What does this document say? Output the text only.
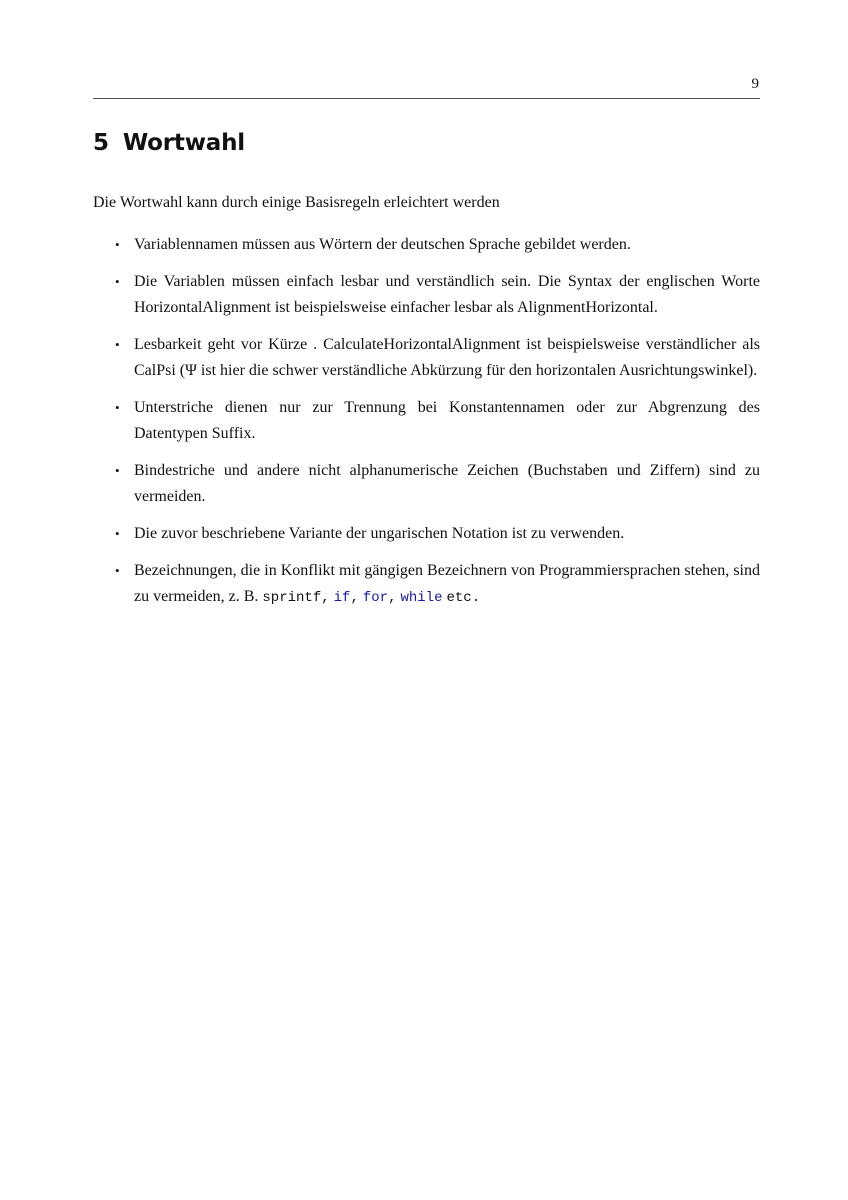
9
5 Wortwahl

Die Wortwahl kann durch einige Basisregeln erleichtert werden

• Variablennamen müssen aus Wörtern der deutschen Sprache gebildet werden.
• Die Variablen müssen einfach lesbar und verständlich sein. Die Syntax der englischen Worte HorizontalAlignment ist beispielsweise einfacher lesbar als AlignmentHorizontal.
• Lesbarkeit geht vor Kürze . CalculateHorizontalAlignment ist beispielsweise verständlicher als CalPsi (Ψ ist hier die schwer verständliche Abkürzung für den horizontalen Ausrichtungswinkel).
• Unterstriche dienen nur zur Trennung bei Konstantennamen oder zur Abgrenzung des Datentypen Suffix.
• Bindestriche und andere nicht alphanumerische Zeichen (Buchstaben und Ziffern) sind zu vermeiden.
• Die zuvor beschriebene Variante der ungarischen Notation ist zu verwenden.
• Bezeichnungen, die in Konflikt mit gängigen Bezeichnern von Programmiersprachen stehen, sind zu vermeiden, z. B. sprintf, if, for, while etc.
